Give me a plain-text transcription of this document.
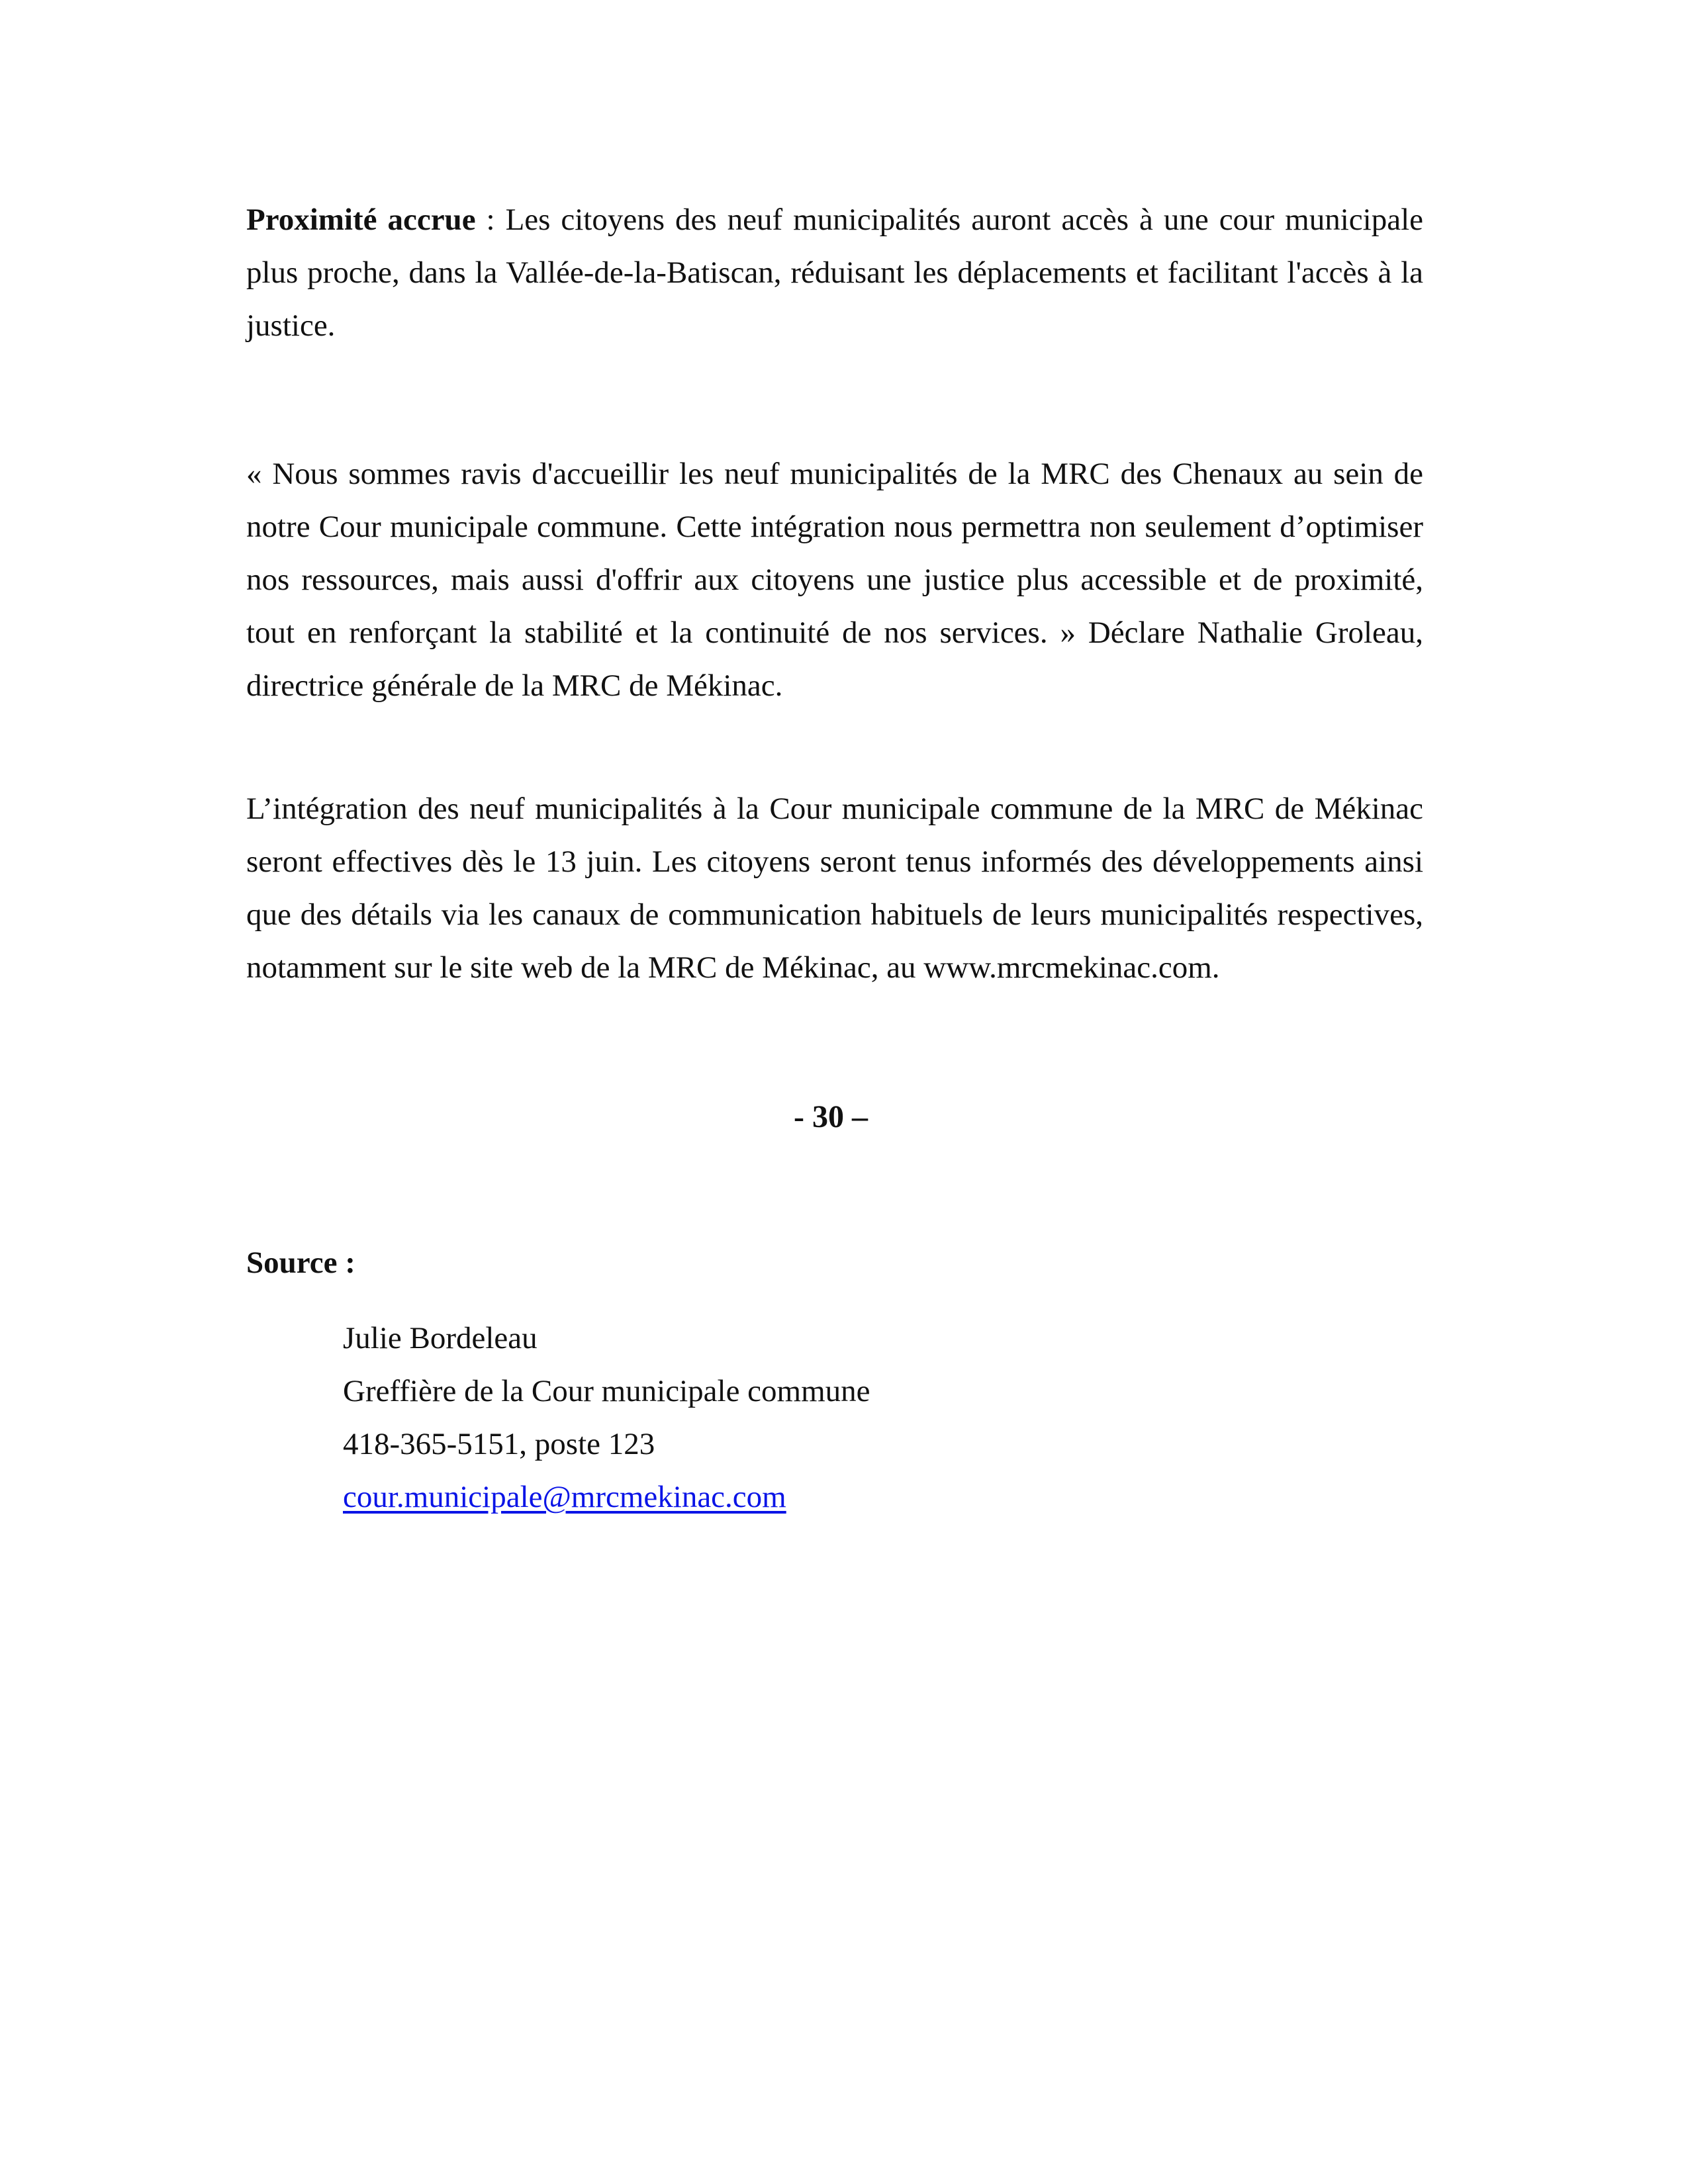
Proximité accrue : Les citoyens des neuf municipalités auront accès à une cour municipale plus proche, dans la Vallée-de-la-Batiscan, réduisant les déplacements et facilitant l'accès à la justice.

« Nous sommes ravis d'accueillir les neuf municipalités de la MRC des Chenaux au sein de notre Cour municipale commune. Cette intégration nous permettra non seulement d’optimiser nos ressources, mais aussi d'offrir aux citoyens une justice plus accessible et de proximité, tout en renforçant la stabilité et la continuité de nos services. » Déclare Nathalie Groleau, directrice générale de la MRC de Mékinac.

L’intégration des neuf municipalités à la Cour municipale commune de la MRC de Mékinac seront effectives dès le 13 juin. Les citoyens seront tenus informés des développements ainsi que des détails via les canaux de communication habituels de leurs municipalités respectives, notamment sur le site web de la MRC de Mékinac, au www.mrcmekinac.com.

- 30 –
Source :
Julie Bordeleau
Greffière de la Cour municipale commune
418-365-5151, poste 123
cour.municipale@mrcmekinac.com
